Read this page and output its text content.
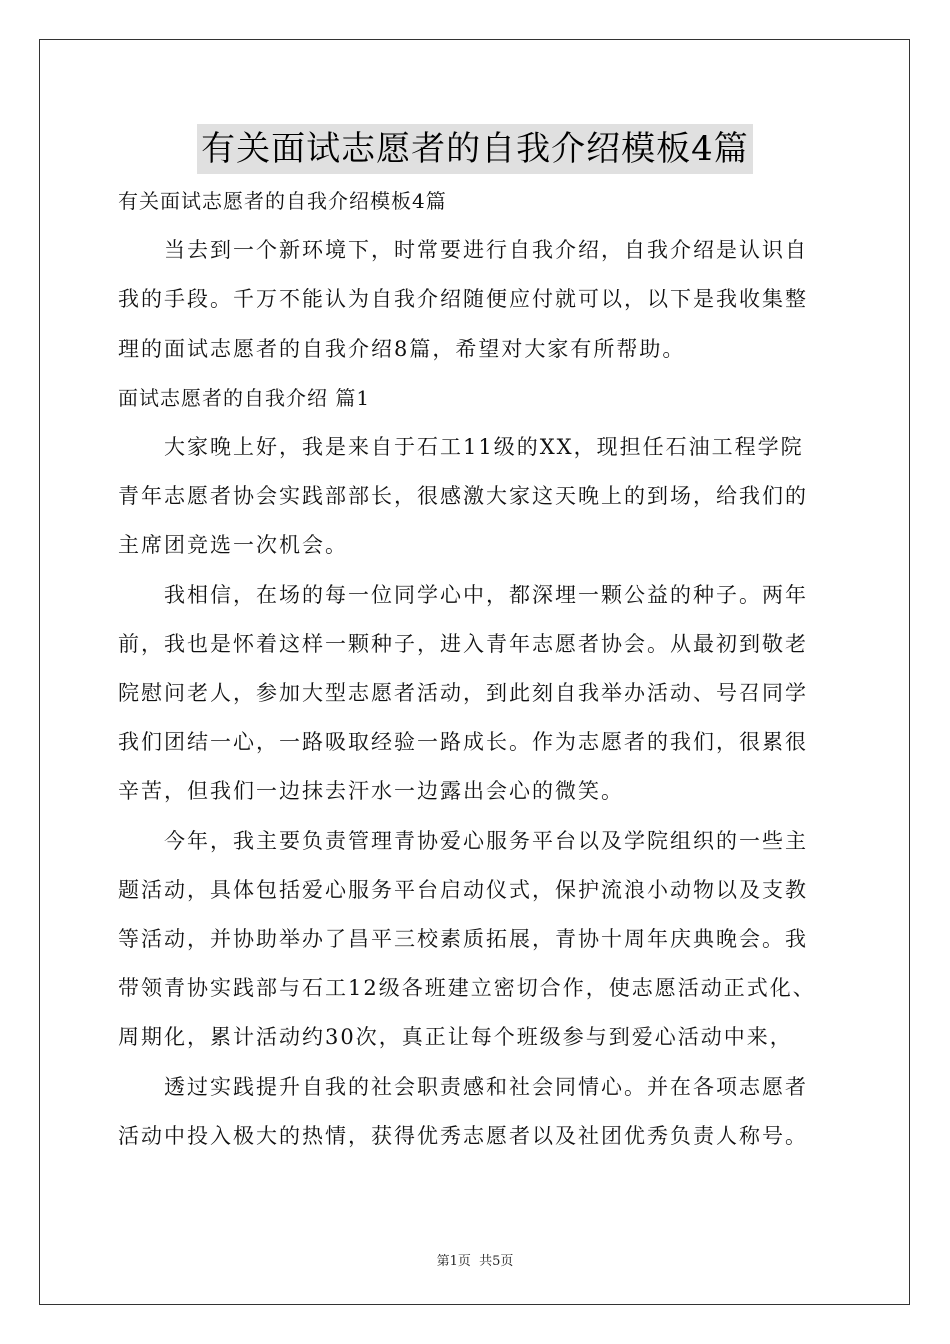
有关面试志愿者的自我介绍模板4篇
有关面试志愿者的自我介绍模板4篇
当去到一个新环境下，时常要进行自我介绍，自我介绍是认识自
我的手段。千万不能认为自我介绍随便应付就可以，以下是我收集整
理的面试志愿者的自我介绍8篇，希望对大家有所帮助。
面试志愿者的自我介绍 篇1
大家晚上好，我是来自于石工11级的XX，现担任石油工程学院
青年志愿者协会实践部部长，很感激大家这天晚上的到场，给我们的
主席团竞选一次机会。
我相信，在场的每一位同学心中，都深埋一颗公益的种子。两年
前，我也是怀着这样一颗种子，进入青年志愿者协会。从最初到敬老
院慰问老人，参加大型志愿者活动，到此刻自我举办活动、号召同学
我们团结一心，一路吸取经验一路成长。作为志愿者的我们，很累很
辛苦，但我们一边抹去汗水一边露出会心的微笑。
今年，我主要负责管理青协爱心服务平台以及学院组织的一些主
题活动，具体包括爱心服务平台启动仪式，保护流浪小动物以及支教
等活动，并协助举办了昌平三校素质拓展，青协十周年庆典晚会。我
带领青协实践部与石工12级各班建立密切合作，使志愿活动正式化、
周期化，累计活动约30次，真正让每个班级参与到爱心活动中来，
透过实践提升自我的社会职责感和社会同情心。并在各项志愿者
活动中投入极大的热情，获得优秀志愿者以及社团优秀负责人称号。
第1页 共5页
